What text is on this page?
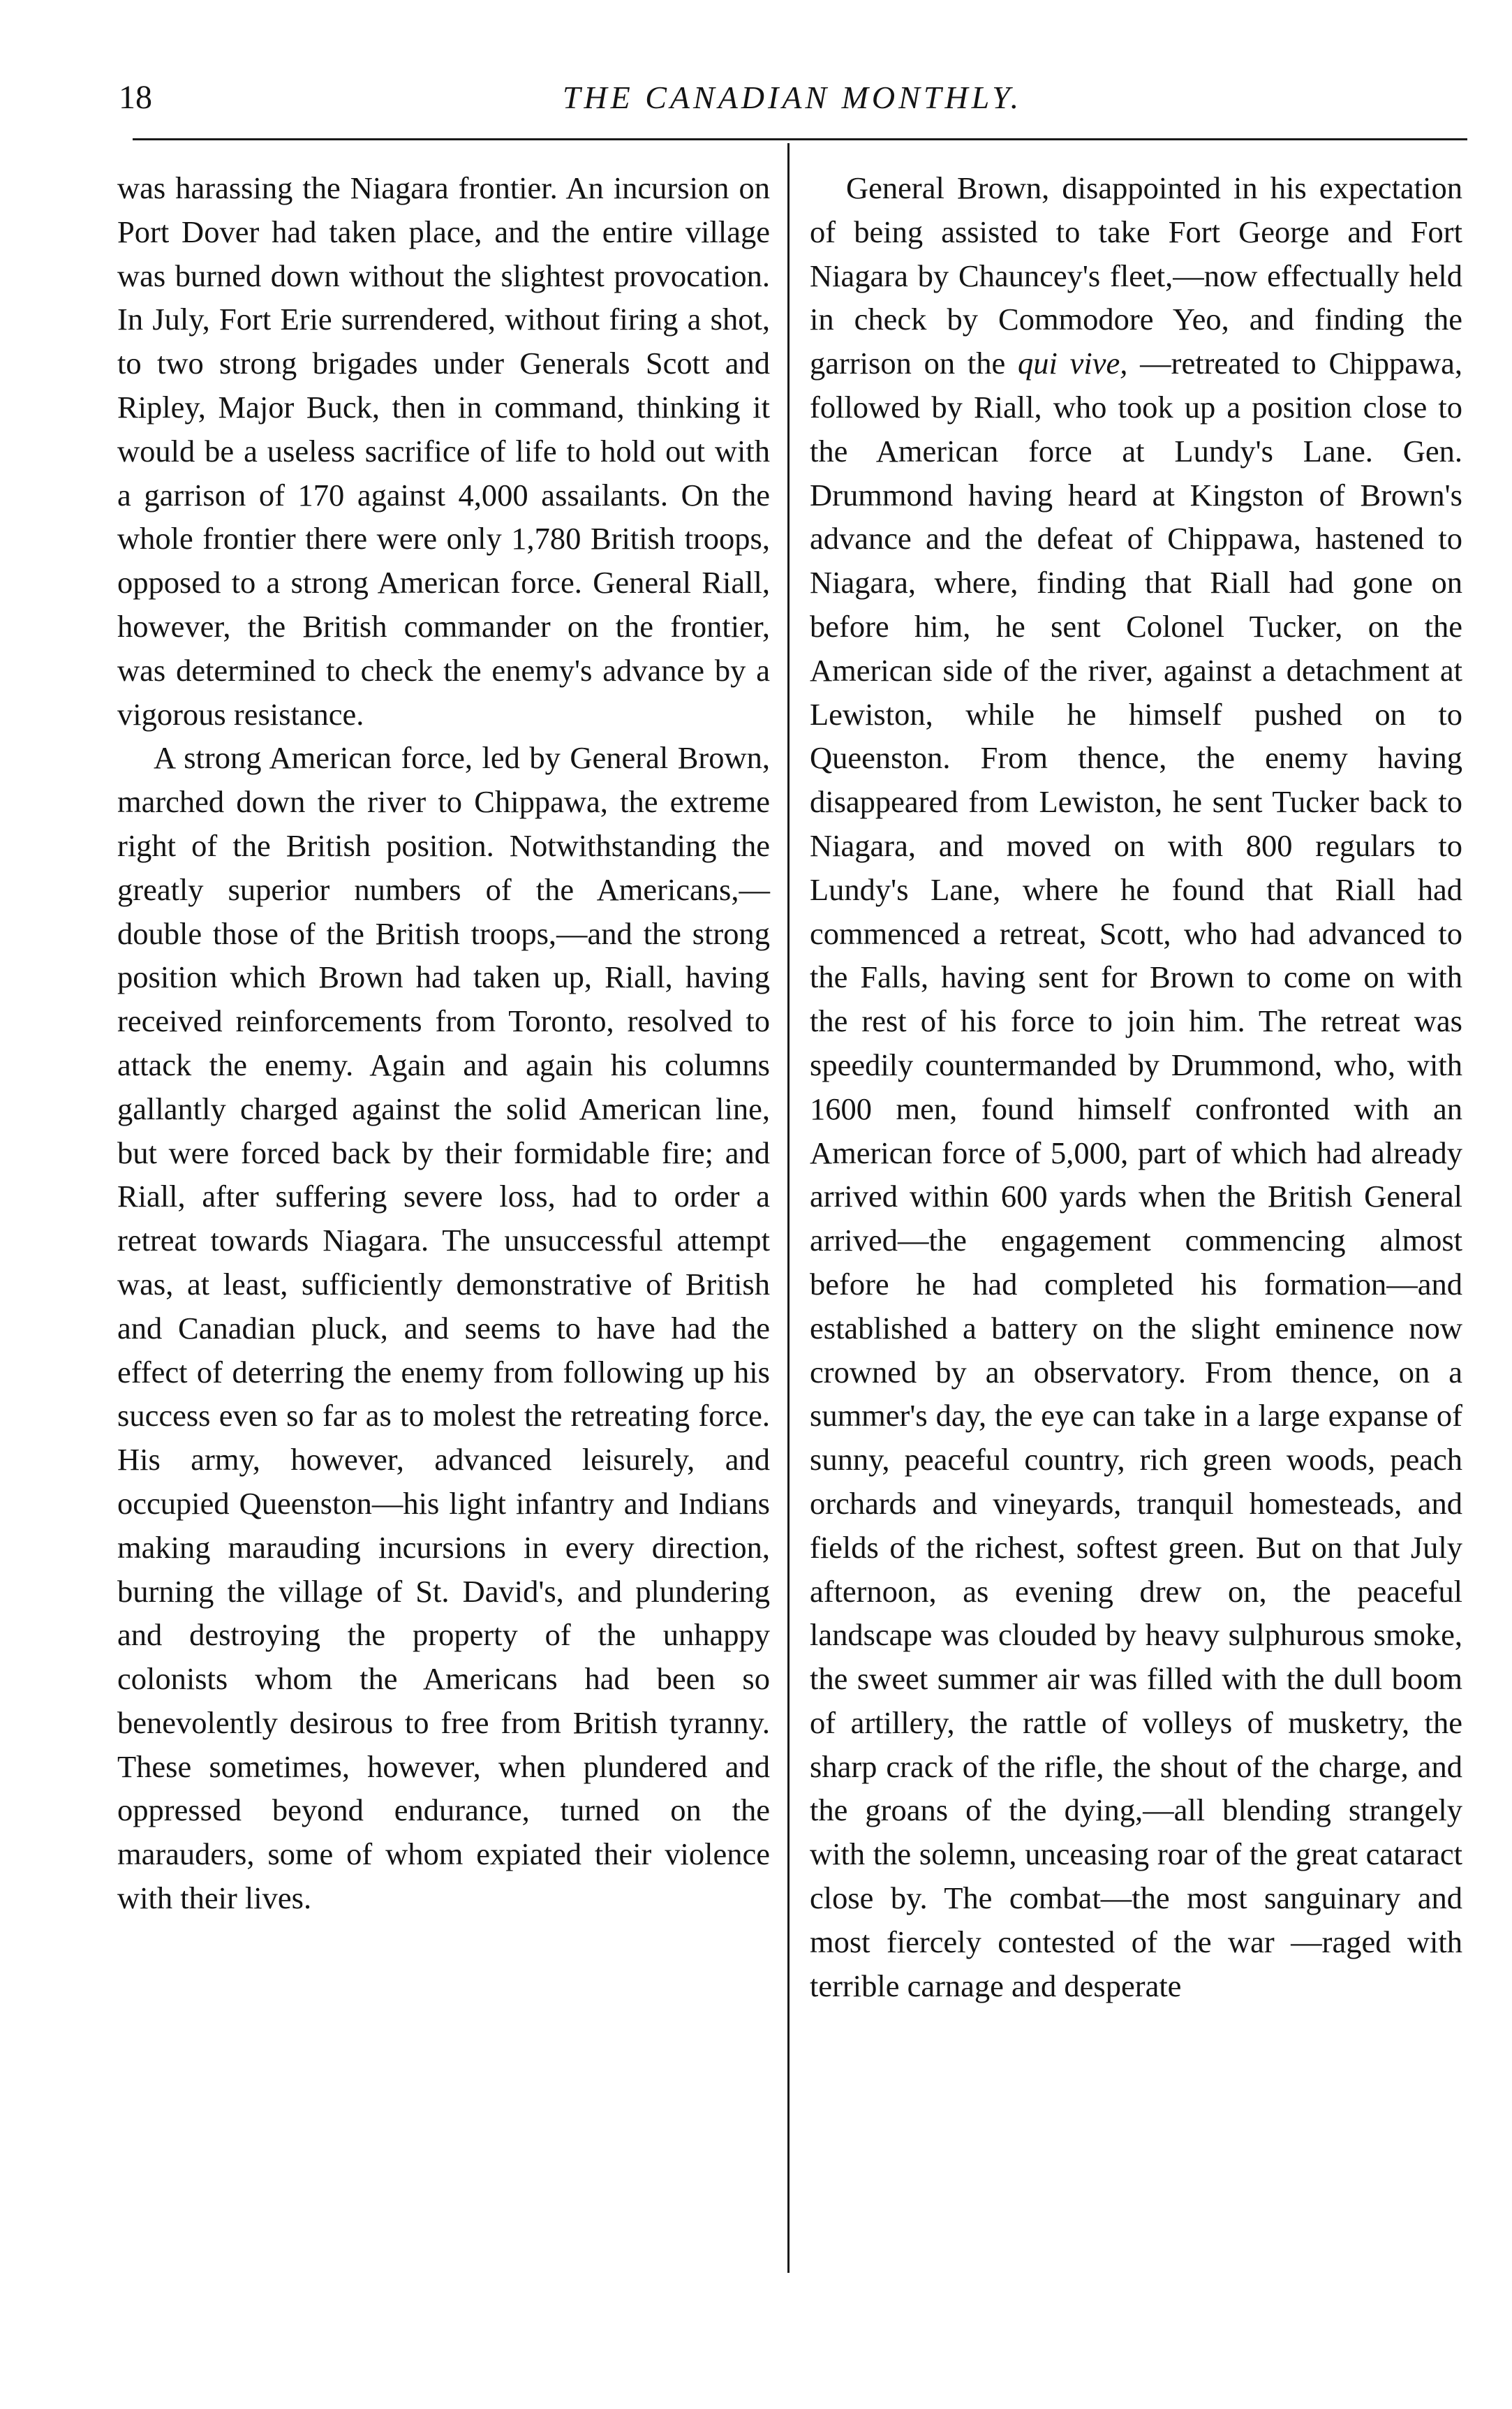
18	THE CANADIAN MONTHLY.

was harassing the Niagara frontier. An incursion on Port Dover had taken place, and the entire village was burned down without the slightest provocation. In July, Fort Erie surrendered, without firing a shot, to two strong brigades under Generals Scott and Ripley, Major Buck, then in command, thinking it would be a useless sacrifice of life to hold out with a garrison of 170 against 4,000 assailants. On the whole frontier there were only 1,780 British troops, opposed to a strong American force. General Riall, however, the British commander on the frontier, was determined to check the enemy's advance by a vigorous resistance.

A strong American force, led by General Brown, marched down the river to Chippawa, the extreme right of the British position. Notwithstanding the greatly superior numbers of the Americans,—double those of the British troops,—and the strong position which Brown had taken up, Riall, having received reinforcements from Toronto, resolved to attack the enemy. Again and again his columns gallantly charged against the solid American line, but were forced back by their formidable fire; and Riall, after suffering severe loss, had to order a retreat towards Niagara. The unsuccessful attempt was, at least, sufficiently demonstrative of British and Canadian pluck, and seems to have had the effect of deterring the enemy from following up his success even so far as to molest the retreating force. His army, however, advanced leisurely, and occupied Queenston—his light infantry and Indians making marauding incursions in every direction, burning the village of St. David's, and plundering and destroying the property of the unhappy colonists whom the Americans had been so benevolently desirous to free from British tyranny. These sometimes, however, when plundered and oppressed beyond endurance, turned on the marauders, some of whom expiated their violence with their lives.

General Brown, disappointed in his expectation of being assisted to take Fort George and Fort Niagara by Chauncey's fleet,—now effectually held in check by Commodore Yeo, and finding the garrison on the qui vive, —retreated to Chippawa, followed by Riall, who took up a position close to the American force at Lundy's Lane. Gen. Drummond having heard at Kingston of Brown's advance and the defeat of Chippawa, hastened to Niagara, where, finding that Riall had gone on before him, he sent Colonel Tucker, on the American side of the river, against a detachment at Lewiston, while he himself pushed on to Queenston. From thence, the enemy having disappeared from Lewiston, he sent Tucker back to Niagara, and moved on with 800 regulars to Lundy's Lane, where he found that Riall had commenced a retreat, Scott, who had advanced to the Falls, having sent for Brown to come on with the rest of his force to join him. The retreat was speedily countermanded by Drummond, who, with 1600 men, found himself confronted with an American force of 5,000, part of which had already arrived within 600 yards when the British General arrived—the engagement commencing almost before he had completed his formation—and established a battery on the slight eminence now crowned by an observatory. From thence, on a summer's day, the eye can take in a large expanse of sunny, peaceful country, rich green woods, peach orchards and vineyards, tranquil homesteads, and fields of the richest, softest green. But on that July afternoon, as evening drew on, the peaceful landscape was clouded by heavy sulphurous smoke, the sweet summer air was filled with the dull boom of artillery, the rattle of volleys of musketry, the sharp crack of the rifle, the shout of the charge, and the groans of the dying,—all blending strangely with the solemn, unceasing roar of the great cataract close by. The combat—the most sanguinary and most fiercely contested of the war —raged with terrible carnage and desperate
